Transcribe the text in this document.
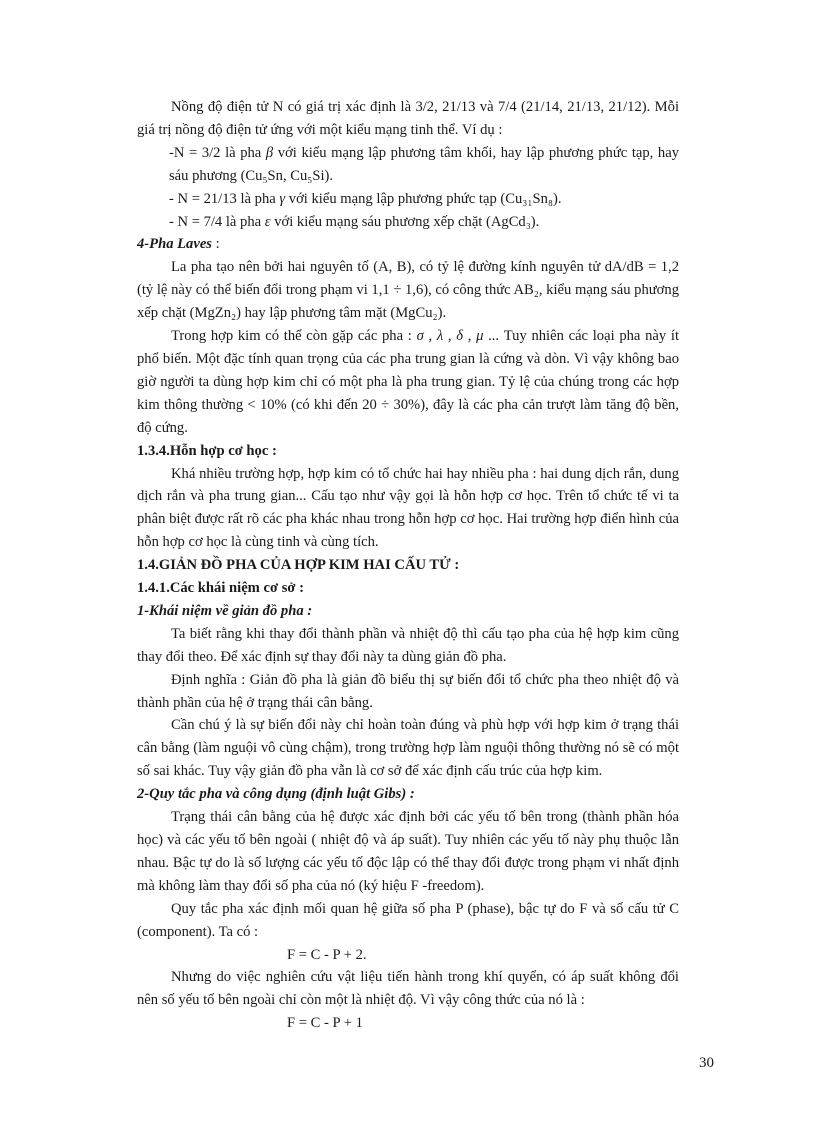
Nồng độ điện tử N có giá trị xác định là 3/2, 21/13 và 7/4 (21/14, 21/13, 21/12). Mỗi giá trị nồng độ điện tử ứng với một kiểu mạng tinh thể. Ví dụ :

-N = 3/2 là pha β với kiểu mạng lập phương tâm khối, hay lập phương phức tạp, hay sáu phương (Cu₅Sn, Cu₅Si).

- N = 21/13 là pha γ với kiểu mạng lập phương phức tạp (Cu₃₁Sn₈).

- N = 7/4 là pha ε với kiểu mạng sáu phương xếp chặt (AgCd₃).

4-Pha Laves :

La pha tạo nên bởi hai nguyên tố (A, B), có tỷ lệ đường kính nguyên tử dA/dB = 1,2 (tỷ lệ này có thể biến đổi trong phạm vi 1,1 ÷ 1,6), có công thức AB₂, kiểu mạng sáu phương xếp chặt (MgZn₂) hay lập phương tâm mặt (MgCu₂).

Trong hợp kim có thể còn gặp các pha : σ , λ , δ , μ ... Tuy nhiên các loại pha này ít phổ biến. Một đặc tính quan trọng của các pha trung gian là cứng và dòn. Vì vậy không bao giờ người ta dùng hợp kim chỉ có một pha là pha trung gian. Tỷ lệ của chúng trong các hợp kim thông thường < 10% (có khi đến 20 ÷ 30%), đây là các pha cản trượt làm tăng độ bền, độ cứng.

1.3.4.Hỗn hợp cơ học :

Khá nhiều trường hợp, hợp kim có tổ chức hai hay nhiều pha : hai dung dịch rắn, dung dịch rắn và pha trung gian... Cấu tạo như vậy gọi là hỗn hợp cơ học. Trên tổ chức tế vi ta phân biệt được rất rõ các pha khác nhau trong hỗn hợp cơ học. Hai trường hợp điển hình của hỗn hợp cơ học là cùng tinh và cùng tích.

1.4.GIẢN ĐỒ PHA CỦA HỢP KIM HAI CẤU TỬ :

1.4.1.Các khái niệm cơ sở :

1-Khái niệm về giản đồ pha :

Ta biết rằng khi thay đổi thành phần và nhiệt độ thì cấu tạo pha của hệ hợp kim cũng thay đổi theo. Để xác định sự thay đổi này ta dùng giản đồ pha.

Định nghĩa : Giản đồ pha là giản đồ biểu thị sự biến đổi tổ chức pha theo nhiệt độ và thành phần của hệ ở trạng thái cân bằng.

Cần chú ý là sự biến đổi này chỉ hoàn toàn đúng và phù hợp với hợp kim ở trạng thái cân bằng (làm nguội vô cùng chậm), trong trường hợp làm nguội thông thường nó sẽ có một số sai khác. Tuy vậy giản đồ pha vẫn là cơ sở để xác định cấu trúc của hợp kim.

2-Quy tắc pha và công dụng (định luật Gibs) :

Trạng thái cân bằng của hệ được xác định bởi các yếu tố bên trong (thành phần hóa học) và các yếu tố bên ngoài ( nhiệt độ và áp suất). Tuy nhiên các yếu tố này phụ thuộc lẫn nhau. Bậc tự do là số lượng các yếu tố độc lập có thể thay đổi được trong phạm vi nhất định mà không làm thay đổi số pha của nó (ký hiệu F -freedom).

Quy tắc pha xác định mối quan hệ giữa số pha P (phase), bậc tự do F và số cấu tử C (component). Ta có :

F = C - P + 2.

Nhưng do việc nghiên cứu vật liệu tiến hành trong khí quyển, có áp suất không đổi nên số yếu tố bên ngoài chỉ còn một là nhiệt độ. Vì vậy công thức của nó là :

F = C - P + 1

30
